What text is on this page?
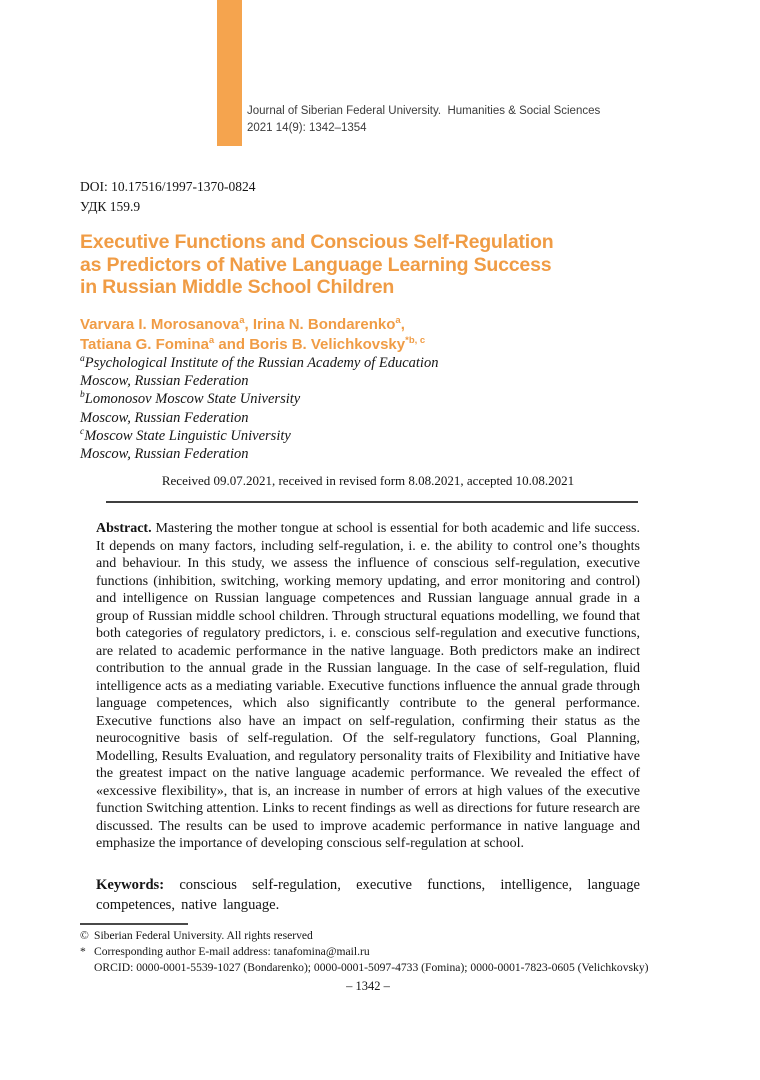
Journal of Siberian Federal University.  Humanities & Social Sciences
2021 14(9): 1342–1354
DOI: 10.17516/1997-1370-0824
УДК 159.9
Executive Functions and Conscious Self-Regulation
as Predictors of Native Language Learning Success
in Russian Middle School Children
Varvara I. Morosanova$^a$, Irina N. Bondarenko$^a$,
Tatiana G. Fomina$^a$ and Boris B. Velichkovsky$^{*b, c}$
$^a$Psychological Institute of the Russian Academy of Education
Moscow, Russian Federation
$^b$Lomonosov Moscow State University
Moscow, Russian Federation
$^c$Moscow State Linguistic University
Moscow, Russian Federation
Received 09.07.2021, received in revised form 8.08.2021, accepted 10.08.2021

Abstract. Mastering the mother tongue at school is essential for both academic and life success. It depends on many factors, including self-regulation, i. e. the ability to control one’s thoughts and behaviour. In this study, we assess the influence of conscious self-regulation, executive functions (inhibition, switching, working memory updating, and error monitoring and control) and intelligence on Russian language competences and Russian language annual grade in a group of Russian middle school children. Through structural equations modelling, we found that both categories of regulatory predictors, i. e. conscious self-regulation and executive functions, are related to academic performance in the native language. Both predictors make an indirect contribution to the annual grade in the Russian language. In the case of self-regulation, fluid intelligence acts as a mediating variable. Executive functions influence the annual grade through language competences, which also significantly contribute to the general performance. Executive functions also have an impact on self-regulation, confirming their status as the neurocognitive basis of self-regulation. Of the self-regulatory functions, Goal Planning, Modelling, Results Evaluation, and regulatory personality traits of Flexibility and Initiative have the greatest impact on the native language academic performance. We revealed the effect of «excessive flexibility», that is, an increase in number of errors at high values of the executive function Switching attention. Links to recent findings as well as directions for future research are discussed. The results can be used to improve academic performance in native language and emphasize the importance of developing conscious self-regulation at school.

Keywords: conscious self-regulation, executive functions, intelligence, language competences, native language.

© Siberian Federal University. All rights reserved
* Corresponding author E-mail address: tanafomina@mail.ru
ORCID: 0000-0001-5539-1027 (Bondarenko); 0000-0001-5097-4733 (Fomina); 0000-0001-7823-0605 (Velichkovsky)
– 1342 –
